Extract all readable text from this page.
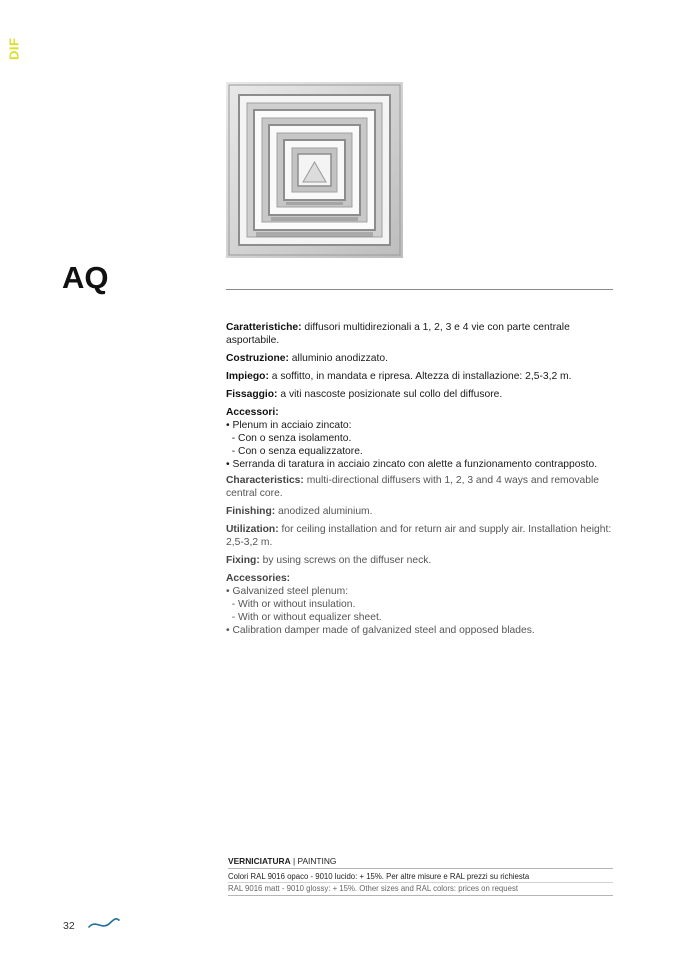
DIF
AQ

Caratteristiche: diffusori multidirezionali a 1, 2, 3 e 4 vie con parte centrale asportabile.

Costruzione: alluminio anodizzato.

Impiego: a soffitto, in mandata e ripresa. Altezza di installazione: 2,5-3,2 m.

Fissaggio: a viti nascoste posizionate sul collo del diffusore.

Accessori:

• Plenum in acciaio zincato:

- Con o senza isolamento.

- Con o senza equalizzatore.

• Serranda di taratura in acciaio zincato con alette a funzionamento contrapposto.

Characteristics: multi-directional diffusers with 1, 2, 3 and 4 ways and removable central core.

Finishing: anodized aluminium.

Utilization: for ceiling installation and for return air and supply air. Installation height: 2,5-3,2 m.

Fixing: by using screws on the diffuser neck.

Accessories:

• Galvanized steel plenum:

- With or without insulation.

- With or without equalizer sheet.

• Calibration damper made of galvanized steel and opposed blades.

VERNICIATURA | PAINTING
Colori RAL 9016 opaco - 9010 lucido: + 15%. Per altre misure e RAL prezzi su richiesta
RAL 9016 matt - 9010 glossy: + 15%. Other sizes and RAL colors: prices on request
32
